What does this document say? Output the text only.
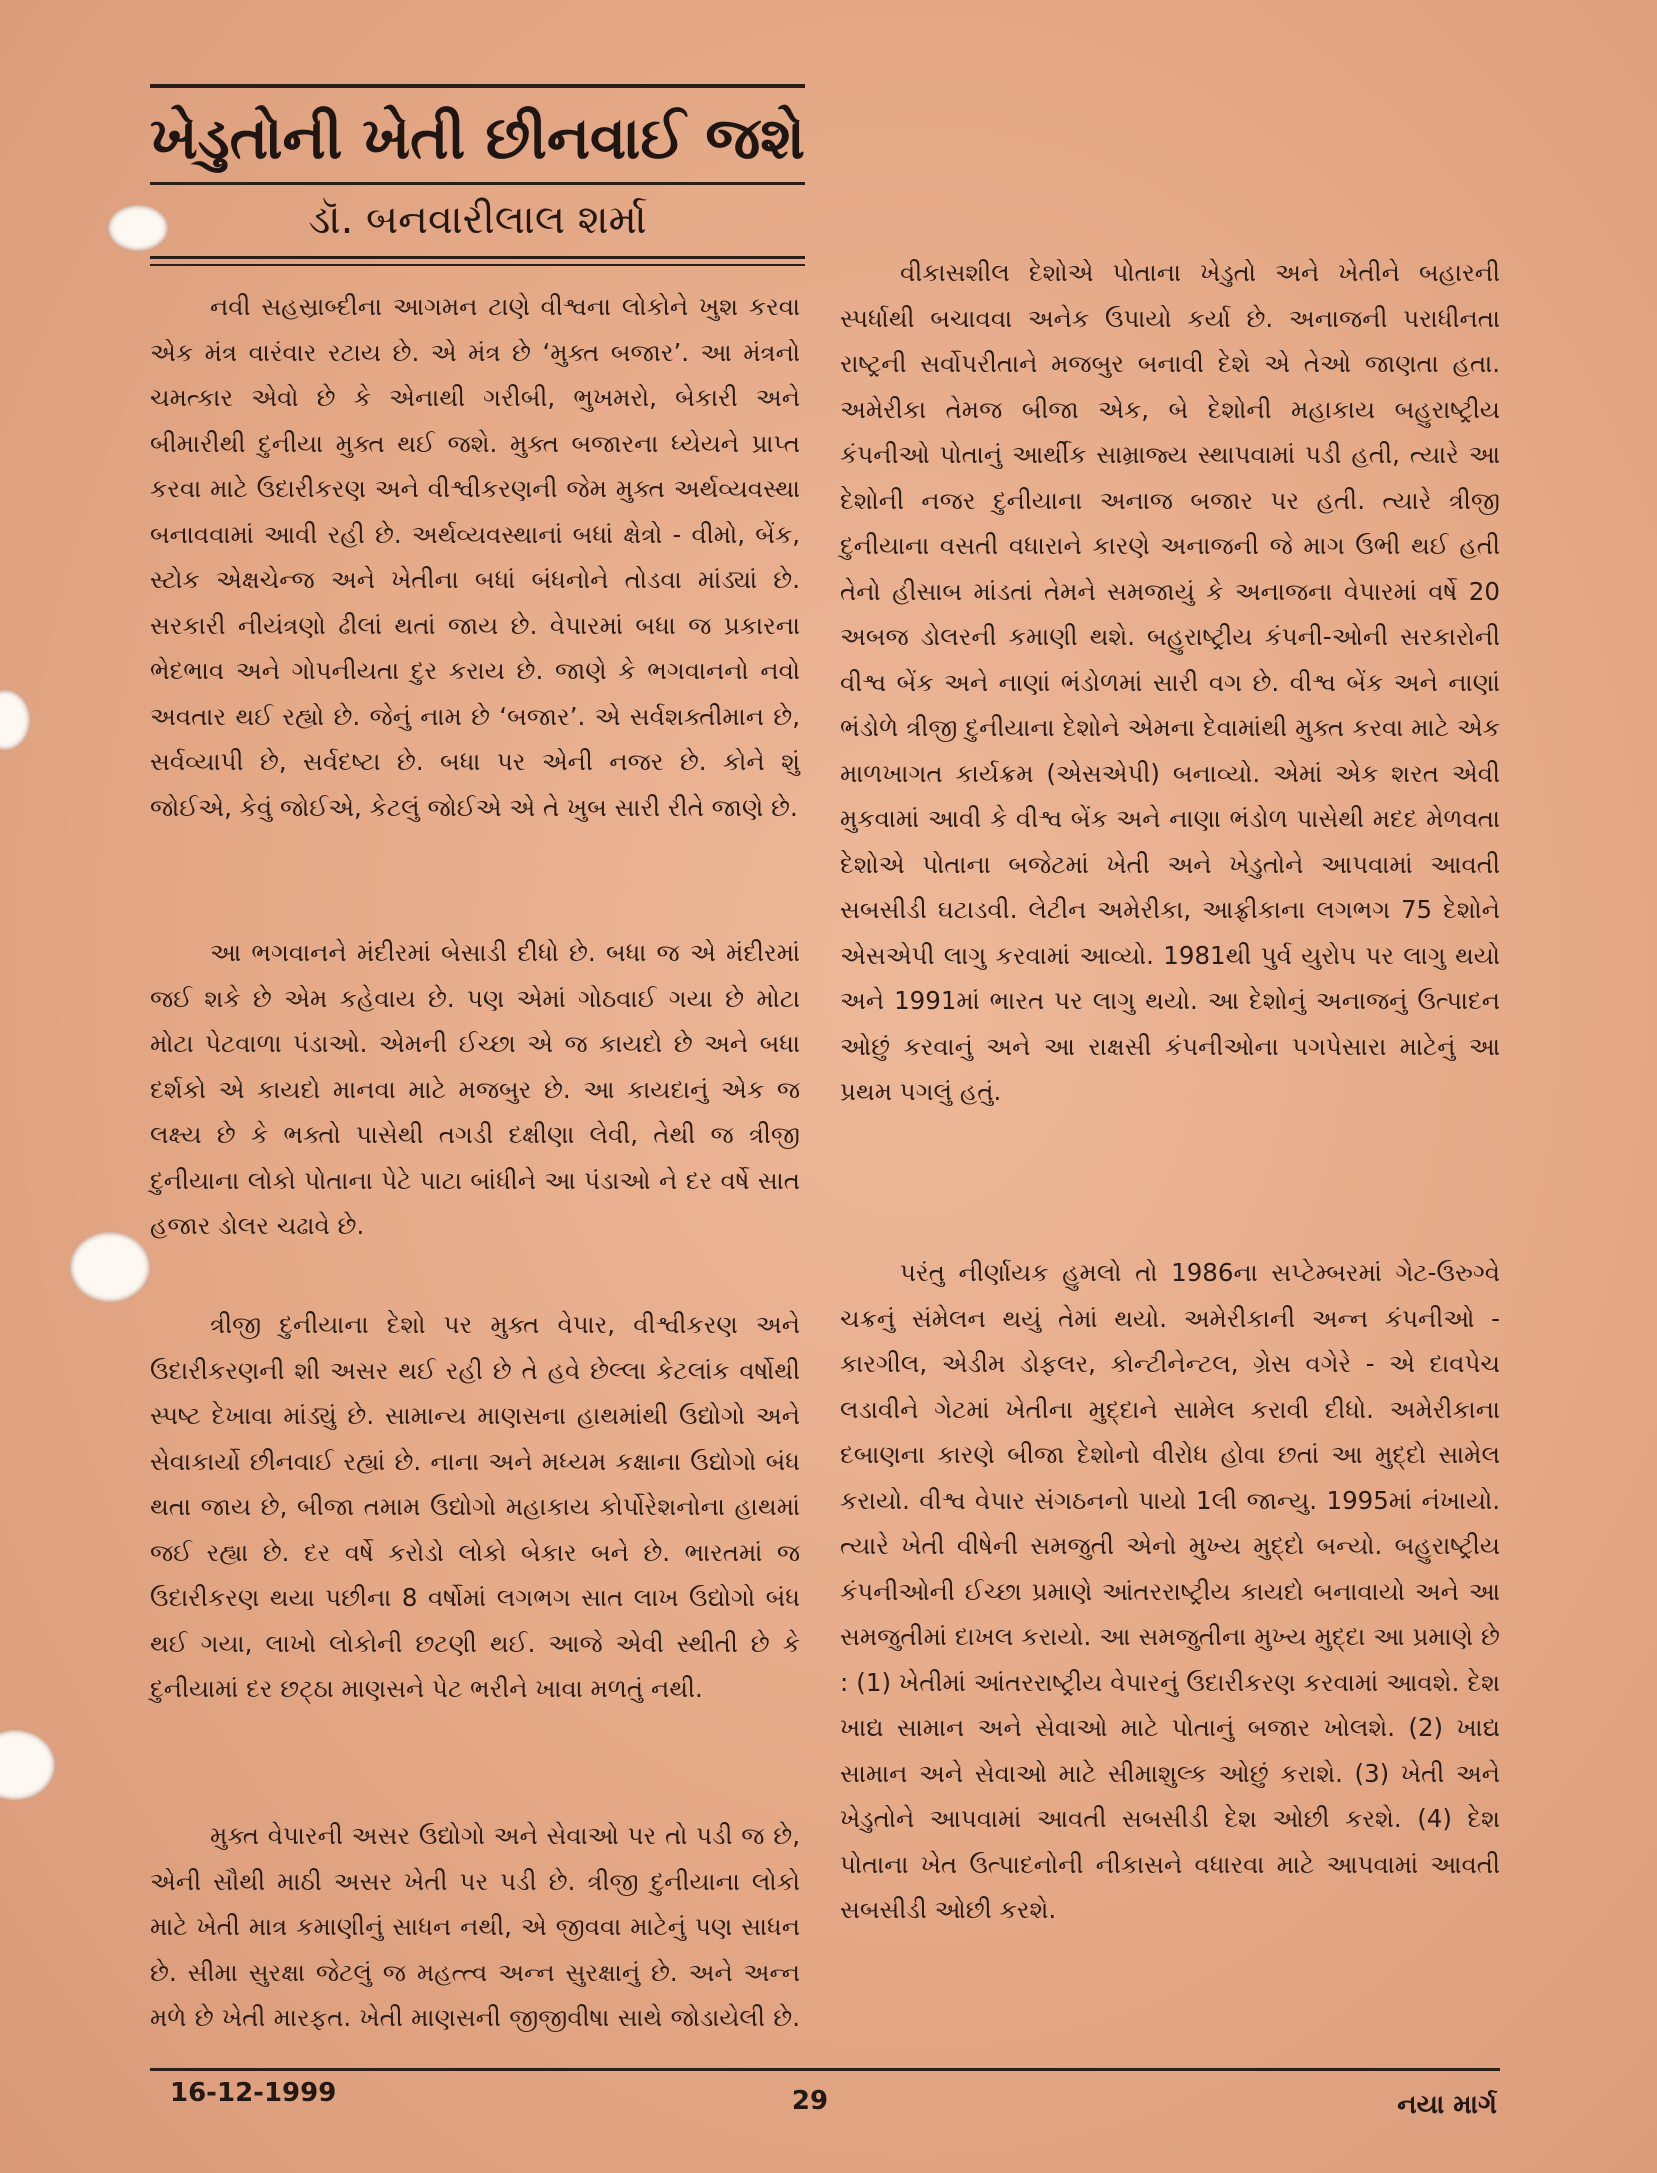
ખેડુતોની ખેતી છીનવાઈ જશે

ડૉ. બનવારીલાલ શર્મા

નવી સહસ્રાબ્દીના આગમન ટાણે વીશ્વના લોકોને ખુશ કરવા એક મંત્ર વારંવાર રટાય છે. એ મંત્ર છે ‘મુક્ત બજાર’. આ મંત્રનો ચમત્કાર એવો છે કે એનાથી ગરીબી, ભુખમરો, બેકારી અને બીમારીથી દુનીયા મુક્ત થઈ જશે. મુક્ત બજારના ધ્યેયને પ્રાપ્ત કરવા માટે ઉદારીકરણ અને વીશ્વીકરણની જેમ મુક્ત અર્થવ્યવસ્થા બનાવવામાં આવી રહી છે. અર્થવ્યવસ્થાનાં બધાં ક્ષેત્રો - વીમો, બેંક, સ્ટોક એક્ષચેન્જ અને ખેતીના બધાં બંધનોને તોડવા માંડ્યાં છે. સરકારી નીયંત્રણો ઢીલાં થતાં જાય છે. વેપારમાં બધા જ પ્રકારના ભેદભાવ અને ગોપનીયતા દુર કરાય છે. જાણે કે ભગવાનનો નવો અવતાર થઈ રહ્યો છે. જેનું નામ છે ‘બજાર’. એ સર્વશક્તીમાન છે, સર્વવ્યાપી છે, સર્વદષ્ટા છે. બધા પર એની નજર છે. કોને શું જોઈએ, કેવું જોઈએ, કેટલું જોઈએ એ તે ખુબ સારી રીતે જાણે છે.

આ ભગવાનને મંદીરમાં બેસાડી દીધો છે. બધા જ એ મંદીરમાં જઈ શકે છે એમ કહેવાય છે. પણ એમાં ગોઠવાઈ ગયા છે મોટા મોટા પેટવાળા પંડાઓ. એમની ઈચ્છા એ જ કાયદો છે અને બધા દર્શકો એ કાયદો માનવા માટે મજબુર છે. આ કાયદાનું એક જ લક્ષ્ય છે કે ભક્તો પાસેથી તગડી દક્ષીણા લેવી, તેથી જ ત્રીજી દુનીયાના લોકો પોતાના પેટે પાટા બાંધીને આ પંડાઓ ને દર વર્ષે સાત હજાર ડોલર ચઢાવે છે.

ત્રીજી દુનીયાના દેશો પર મુક્ત વેપાર, વીશ્વીકરણ અને ઉદારીકરણની શી અસર થઈ રહી છે તે હવે છેલ્લા કેટલાંક વર્ષોથી સ્પષ્ટ દેખાવા માંડ્યું છે. સામાન્ય માણસના હાથમાંથી ઉદ્યોગો અને સેવાકાર્યો છીનવાઈ રહ્યાં છે. નાના અને મધ્યમ કક્ષાના ઉદ્યોગો બંધ થતા જાય છે, બીજા તમામ ઉદ્યોગો મહાકાય કોર્પોરેશનોના હાથમાં જઈ રહ્યા છે. દર વર્ષે કરોડો લોકો બેકાર બને છે. ભારતમાં જ ઉદારીકરણ થયા પછીના 8 વર્ષોમાં લગભગ સાત લાખ ઉદ્યોગો બંધ થઈ ગયા, લાખો લોકોની છટણી થઈ. આજે એવી સ્થીતી છે કે દુનીયામાં દર છટ્ઠા માણસને પેટ ભરીને ખાવા મળતું નથી.

મુક્ત વેપારની અસર ઉદ્યોગો અને સેવાઓ પર તો પડી જ છે, એની સૌથી માઠી અસર ખેતી પર પડી છે. ત્રીજી દુનીયાના લોકો માટે ખેતી માત્ર કમાણીનું સાધન નથી, એ જીવવા માટેનું પણ સાધન છે. સીમા સુરક્ષા જેટલું જ મહત્ત્વ અન્ન સુરક્ષાનું છે. અને અન્ન મળે છે ખેતી મારફત. ખેતી માણસની જીજીવીષા સાથે જોડાયેલી છે.

વીકાસશીલ દેશોએ પોતાના ખેડુતો અને ખેતીને બહારની સ્પર્ધાથી બચાવવા અનેક ઉપાયો કર્યા છે. અનાજની પરાધીનતા રાષ્ટ્રની સર્વોપરીતાને મજબુર બનાવી દેશે એ તેઓ જાણતા હતા. અમેરીકા તેમજ બીજા એક, બે દેશોની મહાકાય બહુરાષ્ટ્રીય કંપનીઓ પોતાનું આર્થીક સામ્રાજ્ય સ્થાપવામાં પડી હતી, ત્યારે આ દેશોની નજર દુનીયાના અનાજ બજાર પર હતી. ત્યારે ત્રીજી દુનીયાના વસતી વધારાને કારણે અનાજની જે માગ ઉભી થઈ હતી તેનો હીસાબ માંડતાં તેમને સમજાયું કે અનાજના વેપારમાં વર્ષે 20 અબજ ડોલરની કમાણી થશે. બહુરાષ્ટ્રીય કંપની-ઓની સરકારોની વીશ્વ બેંક અને નાણાં ભંડોળમાં સારી વગ છે. વીશ્વ બેંક અને નાણાં ભંડોળે ત્રીજી દુનીયાના દેશોને એમના દેવામાંથી મુક્ત કરવા માટે એક માળખાગત કાર્યક્રમ (એસએપી) બનાવ્યો. એમાં એક શરત એવી મુકવામાં આવી કે વીશ્વ બેંક અને નાણા ભંડોળ પાસેથી મદદ મેળવતા દેશોએ પોતાના બજેટમાં ખેતી અને ખેડુતોને આપવામાં આવતી સબસીડી ઘટાડવી. લેટીન અમેરીકા, આફ્રીકાના લગભગ 75 દેશોને એસએપી લાગુ કરવામાં આવ્યો. 1981થી પુર્વ યુરોપ પર લાગુ થયો અને 1991માં ભારત પર લાગુ થયો. આ દેશોનું અનાજનું ઉત્પાદન ઓછું કરવાનું અને આ રાક્ષસી કંપનીઓના પગપેસારા માટેનું આ પ્રથમ પગલું હતું.

પરંતુ નીર્ણાયક હુમલો તો 1986ના સપ્ટેમ્બરમાં ગેટ-ઉરુગ્વે ચક્રનું સંમેલન થયું તેમાં થયો. અમેરીકાની અન્ન કંપનીઓ - કારગીલ, એડીમ ડોફલર, કોન્ટીનેન્ટલ, ગ્રેસ વગેરે - એ દાવપેચ લડાવીને ગેટમાં ખેતીના મુદ્દાને સામેલ કરાવી દીધો. અમેરીકાના દબાણના કારણે બીજા દેશોનો વીરોધ હોવા છતાં આ મુદ્દો સામેલ કરાયો. વીશ્વ વેપાર સંગઠનનો પાયો 1લી જાન્યુ. 1995માં નંખાયો. ત્યારે ખેતી વીષેની સમજુતી એનો મુખ્ય મુદ્દો બન્યો. બહુરાષ્ટ્રીય કંપનીઓની ઈચ્છા પ્રમાણે આંતરરાષ્ટ્રીય કાયદો બનાવાયો અને આ સમજુતીમાં દાખલ કરાયો. આ સમજુતીના મુખ્ય મુદ્દા આ પ્રમાણે છે : (1) ખેતીમાં આંતરરાષ્ટ્રીય વેપારનું ઉદારીકરણ કરવામાં આવશે. દેશ ખાદ્ય સામાન અને સેવાઓ માટે પોતાનું બજાર ખોલશે. (2) ખાદ્ય સામાન અને સેવાઓ માટે સીમાશુલ્ક ઓછું કરાશે. (3) ખેતી અને ખેડુતોને આપવામાં આવતી સબસીડી દેશ ઓછી કરશે. (4) દેશ પોતાના ખેત ઉત્પાદનોની નીકાસને વધારવા માટે આપવામાં આવતી સબસીડી ઓછી કરશે.

16-12-1999	29	નયા માર્ગ
